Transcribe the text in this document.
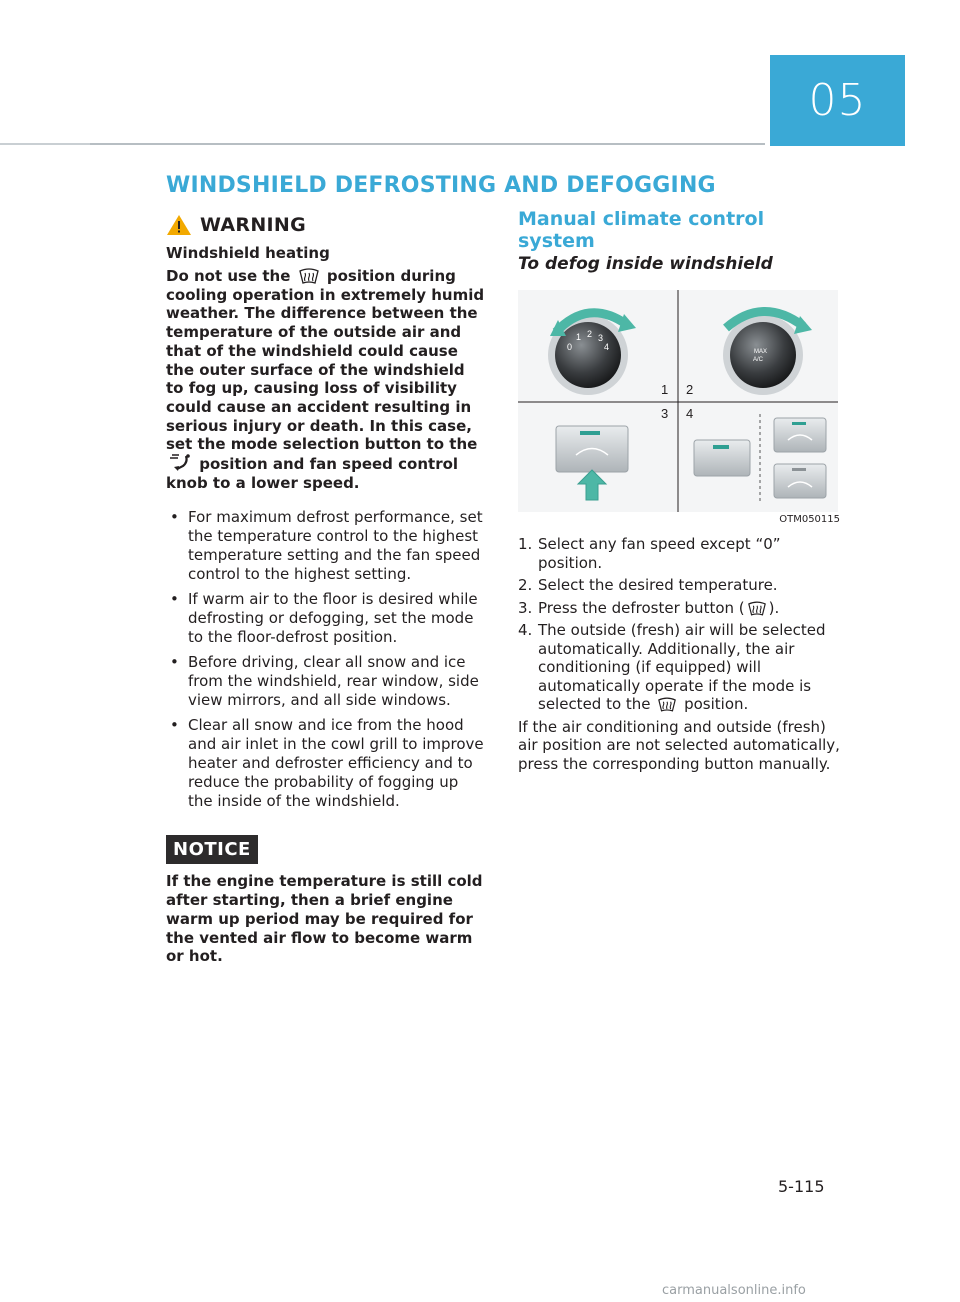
05
WINDSHIELD DEFROSTING AND DEFOGGING
WARNING
Windshield heating
Do not use the position during cooling operation in extremely humid weather. The difference between the temperature of the outside air and that of the windshield could cause the outer surface of the windshield to fog up, causing loss of visibility could cause an accident resulting in serious injury or death. In this case, set the mode selection button to the  position and fan speed control knob to a lower speed.
• For maximum defrost performance, set the temperature control to the highest temperature setting and the fan speed control to the highest setting.
• If warm air to the floor is desired while defrosting or defogging, set the mode to the floor-defrost position.
• Before driving, clear all snow and ice from the windshield, rear window, side view mirrors, and all side windows.
• Clear all snow and ice from the hood and air inlet in the cowl grill to improve heater and defroster efficiency and to reduce the probability of fogging up the inside of the windshield.
NOTICE
If the engine temperature is still cold after starting, then a brief engine warm up period may be required for the vented air flow to become warm or hot.
Manual climate control system
To defog inside windshield
0
1 2 3
4	MAX
A/C
1 2
3 4
OTM050115
1. Select any fan speed except “0” position.
2. Select the desired temperature.
3. Press the defroster button ( ).
4. The outside (fresh) air will be selected automatically. Additionally, the air conditioning (if equipped) will automatically operate if the mode is selected to the position.
If the air conditioning and outside (fresh) air position are not selected automatically, press the corresponding button manually.
5-115
carmanualsonline.info
